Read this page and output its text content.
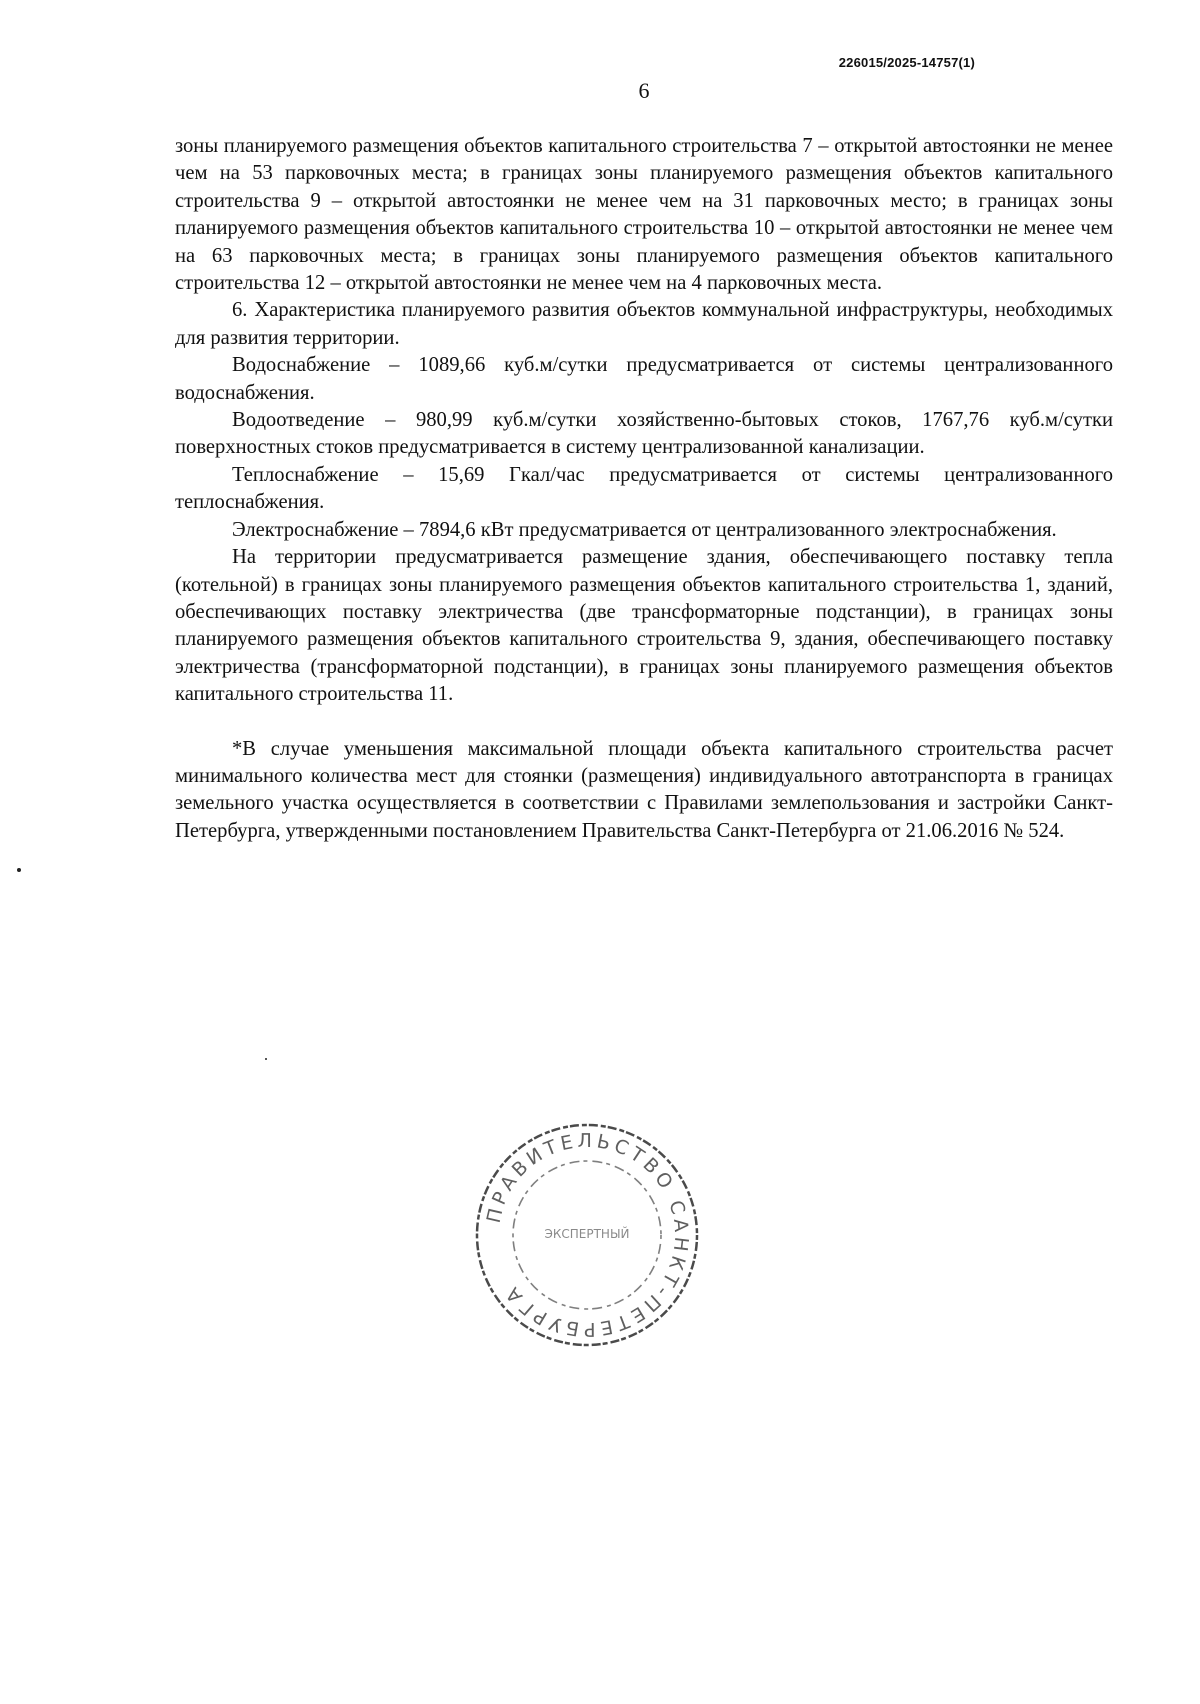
226015/2025-14757(1)
6

зоны планируемого размещения объектов капитального строительства 7 – открытой автостоянки не менее чем на 53 парковочных места; в границах зоны планируемого размещения объектов капитального строительства 9 – открытой автостоянки не менее чем на 31 парковочных место; в границах зоны планируемого размещения объектов капитального строительства 10 – открытой автостоянки не менее чем на 63 парковочных места; в границах зоны планируемого размещения объектов капитального строительства 12 – открытой автостоянки не менее чем на 4 парковочных места.

6. Характеристика планируемого развития объектов коммунальной инфраструктуры, необходимых для развития территории.

Водоснабжение – 1089,66 куб.м/сутки предусматривается от системы централизованного водоснабжения.

Водоотведение – 980,99 куб.м/сутки хозяйственно-бытовых стоков, 1767,76 куб.м/сутки поверхностных стоков предусматривается в систему централизованной канализации.

Теплоснабжение – 15,69 Гкал/час предусматривается от системы централизованного теплоснабжения.

Электроснабжение – 7894,6 кВт предусматривается от централизованного электроснабжения.

На территории предусматривается размещение здания, обеспечивающего поставку тепла (котельной) в границах зоны планируемого размещения объектов капитального строительства 1, зданий, обеспечивающих поставку электричества (две трансформаторные подстанции), в границах зоны планируемого размещения объектов капитального строительства 9, здания, обеспечивающего поставку электричества (трансформаторной подстанции), в границах зоны планируемого размещения объектов капитального строительства 11.

*В случае уменьшения максимальной площади объекта капитального строительства расчет минимального количества мест для стоянки (размещения) индивидуального автотранспорта в границах земельного участка осуществляется в соответствии с Правилами землепользования и застройки Санкт-Петербурга, утвержденными постановлением Правительства Санкт-Петербурга от 21.06.2016 № 524.

ПРАВИТЕЛЬСТВО САНКТ-ПЕТЕРБУРГА
ЭКСПЕРТНЫЙ
